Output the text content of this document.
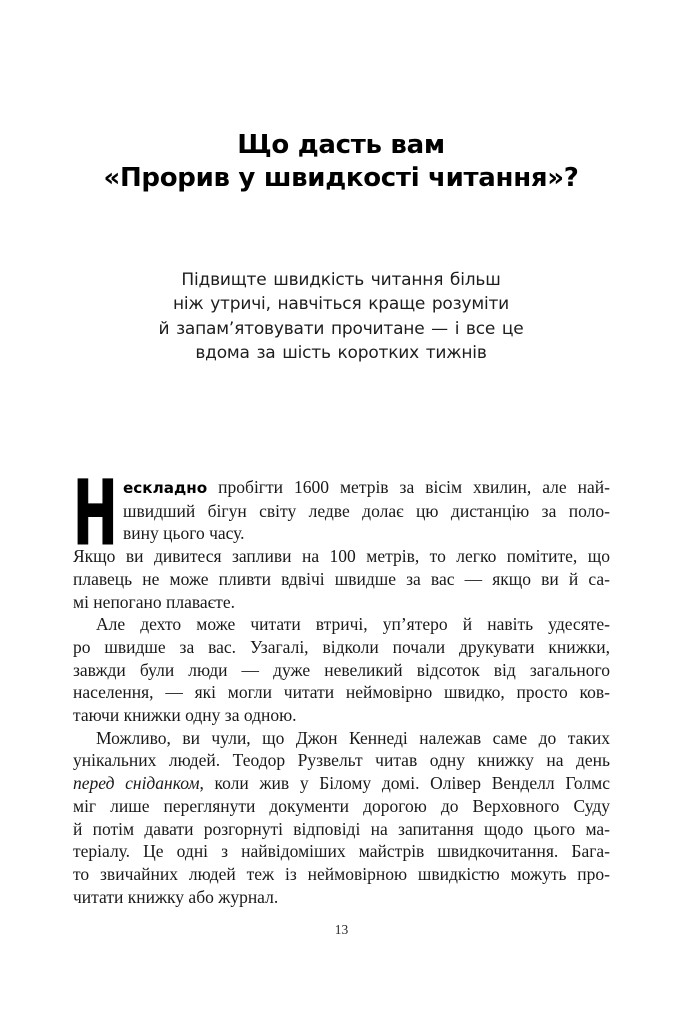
Що дасть вам
«Прорив у швидкості читання»?
Підвищте швидкість читання більш
ніж утричі, навчіться краще розуміти
й запам’ятовувати прочитане — і все це
вдома за шість коротких тижнів
Н ескладно пробігти 1600 метрів за вісім хвилин, але най-
швидший бігун світу ледве долає цю дистанцію за поло-
вину цього часу.
Якщо ви дивитеся запливи на 100 метрів, то легко помітите, що
плавець не може пливти вдвічі швидше за вас — якщо ви й са-
мі непогано плаваєте.
Але дехто може читати втричі, уп’ятеро й навіть удесяте-
ро швидше за вас. Узагалі, відколи почали друкувати книжки,
завжди були люди — дуже невеликий відсоток від загального
населення, — які могли читати неймовірно швидко, просто ков-
таючи книжки одну за одною.
Можливо, ви чули, що Джон Кеннеді належав саме до таких
унікальних людей. Теодор Рузвельт читав одну книжку на день
перед сніданком, коли жив у Білому домі. Олівер Венделл Голмс
міг лише переглянути документи дорогою до Верховного Суду
й потім давати розгорнуті відповіді на запитання щодо цього ма-
теріалу. Це одні з найвідоміших майстрів швидкочитання. Бага-
то звичайних людей теж із неймовірною швидкістю можуть про-
читати книжку або журнал.
13
